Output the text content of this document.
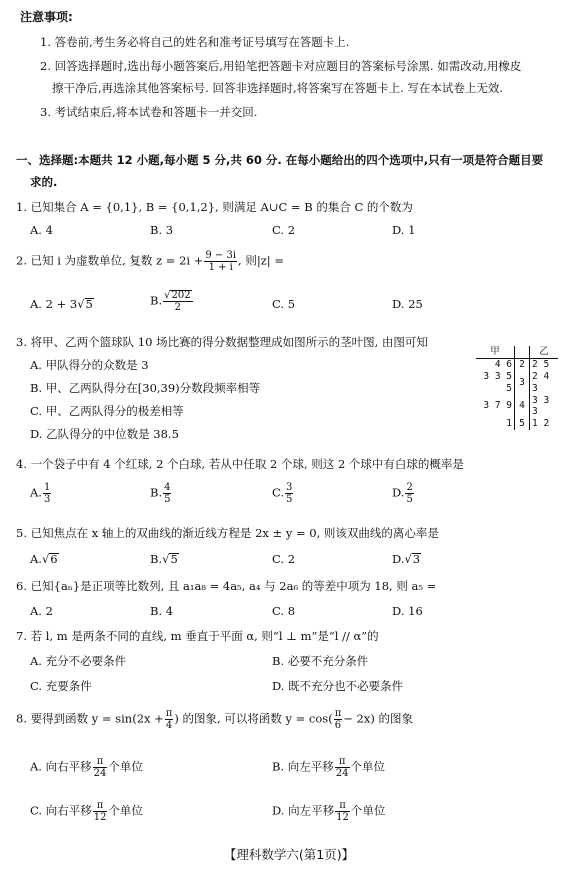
注意事项:
1. 答卷前,考生务必将自己的姓名和准考证号填写在答题卡上.
2. 回答选择题时,选出每小题答案后,用铅笔把答题卡对应题目的答案标号涂黑. 如需改动,用橡皮
擦干净后,再选涂其他答案标号. 回答非选择题时,将答案写在答题卡上. 写在本试卷上无效.
3. 考试结束后,将本试卷和答题卡一并交回.
一、选择题:本题共 12 小题,每小题 5 分,共 60 分. 在每小题给出的四个选项中,只有一项是符合题目要
求的.
1. 已知集合 A = {0,1}, B = {0,1,2}, 则满足 A∪C = B 的集合 C 的个数为
A. 4	B. 3	C. 2	D. 1
2. 已知 i 为虚数单位, 复数 $z = 2i + \frac{9 - 3i}{1 + i}$ , 则|z| =
A. 2 + 3√5	B. $\frac{√202}{2}$	C. 5	D. 25
3. 将甲、乙两个篮球队 10 场比赛的得分数据整理成如图所示的茎叶图, 由图可知
A. 甲队得分的众数是 3
B. 甲、乙两队得分在[30,39)分数段频率相等
C. 甲、乙两队得分的极差相等
D. 乙队得分的中位数是 38.5
甲		乙
4 6	2	2 5
3 3 5 5	3	2 4 3
3 7 9	4	3 3 3
1	5	1 2
4. 一个袋子中有 4 个红球, 2 个白球, 若从中任取 2 个球, 则这 2 个球中有白球的概率是
A. $\frac{1}{3}$	B. $\frac{4}{5}$	C. $\frac{3}{5}$	D. $\frac{2}{5}$
5. 已知焦点在 x 轴上的双曲线的渐近线方程是 2x ± y = 0, 则该双曲线的离心率是
A.√6	B.√5	C. 2	D.√3
6. 已知{aₙ}是正项等比数列, 且 a₁a₈ = 4a₅, a₄ 与 2a₆ 的等差中项为 18, 则 a₅ =
A. 2	B. 4	C. 8	D. 16
7. 若 l, m 是两条不同的直线, m 垂直于平面 α, 则“l ⊥ m”是“l // α”的
A. 充分不必要条件	B. 必要不充分条件
C. 充要条件	D. 既不充分也不必要条件
8. 要得到函数 $y = \sin(2x + \frac{\pi}{4}$ ) 的图象, 可以将函数 $y = \cos( \frac{\pi}{6} - 2x)$ 的图象
A. 向右平移 $\frac{\pi}{24}$ 个单位	B. 向左平移 $\frac{\pi}{24}$ 个单位
C. 向右平移 $\frac{\pi}{12}$ 个单位	D. 向左平移 $\frac{\pi}{12}$ 个单位
【理科数学六(第1页)】
